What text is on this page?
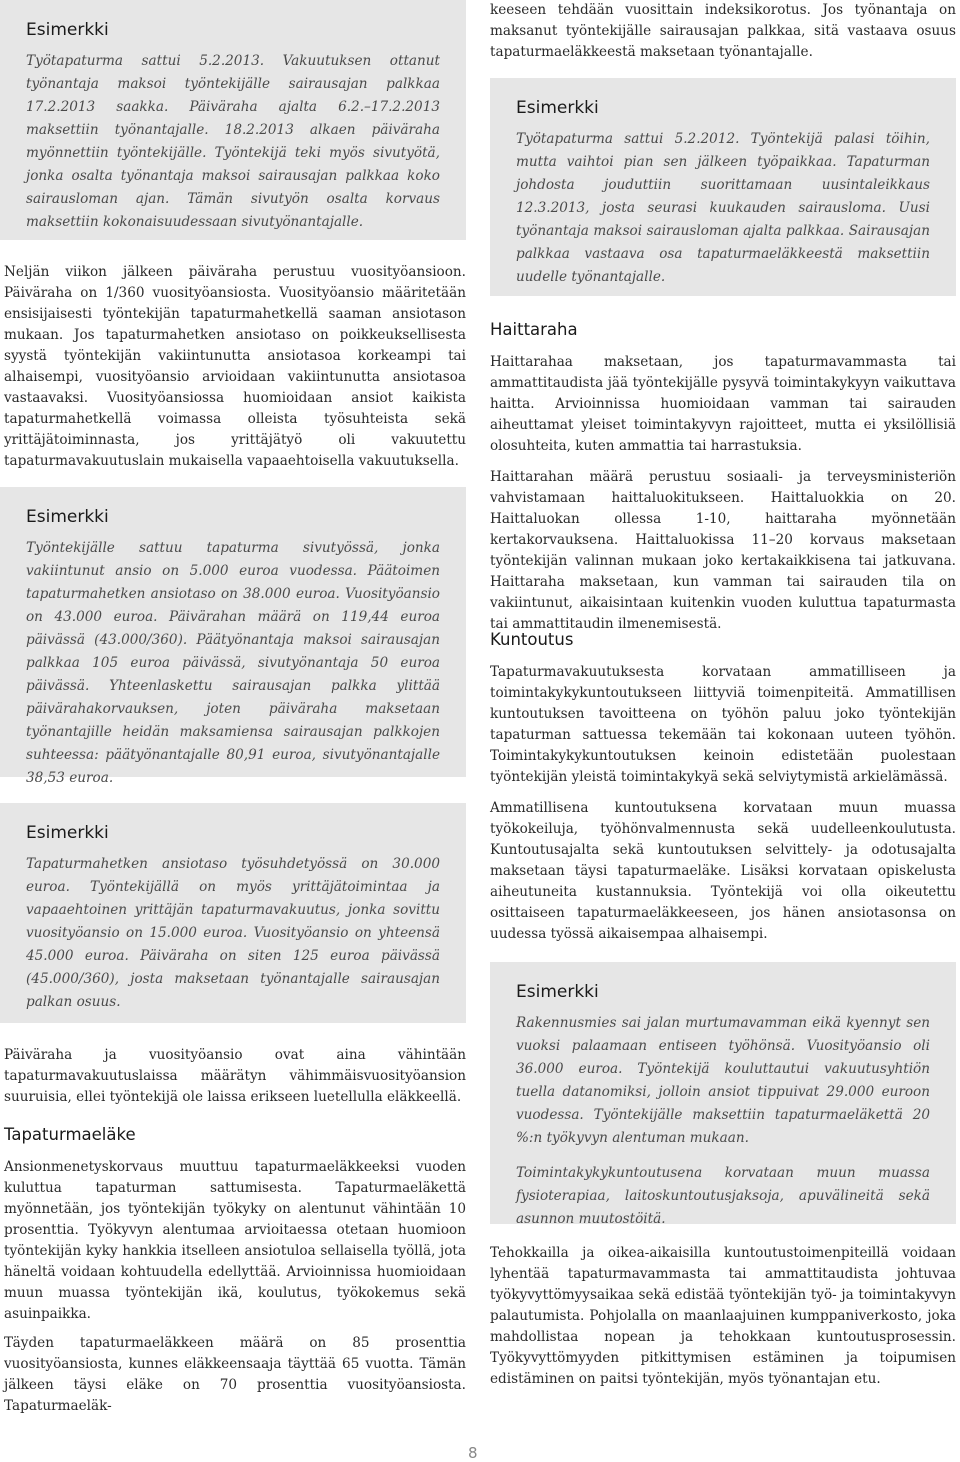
Esimerkki

Työtapaturma sattui 5.2.2013. Vakuutuksen ottanut työnantaja maksoi työntekijälle sairausajan palkkaa 17.2.2013 saakka. Päiväraha ajalta 6.2.–17.2.2013 maksettiin työnantajalle. 18.2.2013 alkaen päiväraha myönnettiin työntekijälle. Työntekijä teki myös sivutyötä, jonka osalta työnantaja maksoi sairausajan palkkaa koko sairausloman ajan. Tämän sivutyön osalta korvaus maksettiin kokonaisuudessaan sivutyönantajalle.

Neljän viikon jälkeen päiväraha perustuu vuosityöansioon. Päiväraha on 1/360 vuosityöansiosta. Vuosityöansio määritetään ensisijaisesti työntekijän tapaturmahetkellä saaman ansiotason mukaan. Jos tapaturmahetken ansiotaso on poikkeuksellisesta syystä työntekijän vakiintunutta ansiotasoa korkeampi tai alhaisempi, vuosityöansio arvioidaan vakiintunutta ansiotasoa vastaavaksi. Vuosityöansiossa huomioidaan ansiot kaikista tapaturmahetkellä voimassa olleista työsuhteista sekä yrittäjätoiminnasta, jos yrittäjätyö oli vakuutettu tapaturmavakuutuslain mukaisella vapaaehtoisella vakuutuksella.

Esimerkki

Työntekijälle sattuu tapaturma sivutyössä, jonka vakiintunut ansio on 5.000 euroa vuodessa. Päätoimen tapaturmahetken ansiotaso on 38.000 euroa. Vuosityöansio on 43.000 euroa. Päivärahan määrä on 119,44 euroa päivässä (43.000/360). Päätyönantaja maksoi sairausajan palkkaa 105 euroa päivässä, sivutyönantaja 50 euroa päivässä. Yhteenlaskettu sairausajan palkka ylittää päivärahakorvauksen, joten päiväraha maksetaan työnantajille heidän maksamiensa sairausajan palkkojen suhteessa: päätyönantajalle 80,91 euroa, sivutyönantajalle 38,53 euroa.

Esimerkki

Tapaturmahetken ansiotaso työsuhdetyössä on 30.000 euroa. Työntekijällä on myös yrittäjätoimintaa ja vapaaehtoinen yrittäjän tapaturmavakuutus, jonka sovittu vuosityöansio on 15.000 euroa. Vuosityöansio on yhteensä 45.000 euroa. Päiväraha on siten 125 euroa päivässä (45.000/360), josta maksetaan työnantajalle sairausajan palkan osuus.

Päiväraha ja vuosityöansio ovat aina vähintään tapaturmavakuutuslaissa määrätyn vähimmäisvuosityöansion suuruisia, ellei työntekijä ole laissa erikseen luetellulla eläkkeellä.

Tapaturmaeläke

Ansionmenetyskorvaus muuttuu tapaturmaeläkkeeksi vuoden kuluttua tapaturman sattumisesta. Tapaturmaeläkettä myönnetään, jos työntekijän työkyky on alentunut vähintään 10 prosenttia. Työkyvyn alentumaa arvioitaessa otetaan huomioon työntekijän kyky hankkia itselleen ansiotuloa sellaisella työllä, jota häneltä voidaan kohtuudella edellyttää. Arvioinnissa huomioidaan muun muassa työntekijän ikä, koulutus, työkokemus sekä asuinpaikka.

Täyden tapaturmaeläkkeen määrä on 85 prosenttia vuosityöansiosta, kunnes eläkkeensaaja täyttää 65 vuotta. Tämän jälkeen täysi eläke on 70 prosenttia vuosityöansiosta. Tapaturmaeläk-

keeseen tehdään vuosittain indeksikorotus. Jos työnantaja on maksanut työntekijälle sairausajan palkkaa, sitä vastaava osuus tapaturmaeläkkeestä maksetaan työnantajalle.

Esimerkki

Työtapaturma sattui 5.2.2012. Työntekijä palasi töihin, mutta vaihtoi pian sen jälkeen työpaikkaa. Tapaturman johdosta jouduttiin suorittamaan uusintaleikkaus 12.3.2013, josta seurasi kuukauden sairausloma. Uusi työnantaja maksoi sairausloman ajalta palkkaa. Sairausajan palkkaa vastaava osa tapaturmaeläkkeestä maksettiin uudelle työnantajalle.

Haittaraha

Haittarahaa maksetaan, jos tapaturmavammasta tai ammattitaudista jää työntekijälle pysyvä toimintakykyyn vaikuttava haitta. Arvioinnissa huomioidaan vamman tai sairauden aiheuttamat yleiset toimintakyvyn rajoitteet, mutta ei yksilöllisiä olosuhteita, kuten ammattia tai harrastuksia.

Haittarahan määrä perustuu sosiaali- ja terveysministeriön vahvistamaan haittaluokitukseen. Haittaluokkia on 20. Haittaluokan ollessa 1-10, haittaraha myönnetään kertakorvauksena. Haittaluokissa 11–20 korvaus maksetaan työntekijän valinnan mukaan joko kertakaikkisena tai jatkuvana. Haittaraha maksetaan, kun vamman tai sairauden tila on vakiintunut, aikaisintaan kuitenkin vuoden kuluttua tapaturmasta tai ammattitaudin ilmenemisestä.

Kuntoutus

Tapaturmavakuutuksesta korvataan ammatilliseen ja toimintakykykuntoutukseen liittyviä toimenpiteitä. Ammatillisen kuntoutuksen tavoitteena on työhön paluu joko työntekijän tapaturman sattuessa tekemään tai kokonaan uuteen työhön. Toimintakykykuntoutuksen keinoin edistetään puolestaan työntekijän yleistä toimintakykyä sekä selviytymistä arkielämässä.

Ammatillisena kuntoutuksena korvataan muun muassa työkokeiluja, työhönvalmennusta sekä uudelleenkoulutusta. Kuntoutusajalta sekä kuntoutuksen selvittely- ja odotusajalta maksetaan täysi tapaturmaeläke. Lisäksi korvataan opiskelusta aiheutuneita kustannuksia. Työntekijä voi olla oikeutettu osittaiseen tapaturmaeläkkeeseen, jos hänen ansiotasonsa on uudessa työssä aikaisempaa alhaisempi.

Esimerkki

Rakennusmies sai jalan murtumavamman eikä kyennyt sen vuoksi palaamaan entiseen työhönsä. Vuosityöansio oli 36.000 euroa. Työntekijä kouluttautui vakuutusyhtiön tuella datanomiksi, jolloin ansiot tippuivat 29.000 euroon vuodessa. Työntekijälle maksettiin tapaturmaeläkettä 20 %:n työkyvyn alentuman mukaan.

Toimintakykykuntoutusena korvataan muun muassa fysioterapiaa, laitoskuntoutusjaksoja, apuvälineitä sekä asunnon muutostöitä.

Tehokkailla ja oikea-aikaisilla kuntoutustoimenpiteillä voidaan lyhentää tapaturmavammasta tai ammattitaudista johtuvaa työkyvyttömyysaikaa sekä edistää työntekijän työ- ja toimintakyvyn palautumista. Pohjolalla on maanlaajuinen kumppaniverkosto, joka mahdollistaa nopean ja tehokkaan kuntoutusprosessin. Työkyvyttömyyden pitkittymisen estäminen ja toipumisen edistäminen on paitsi työntekijän, myös työnantajan etu.

8
